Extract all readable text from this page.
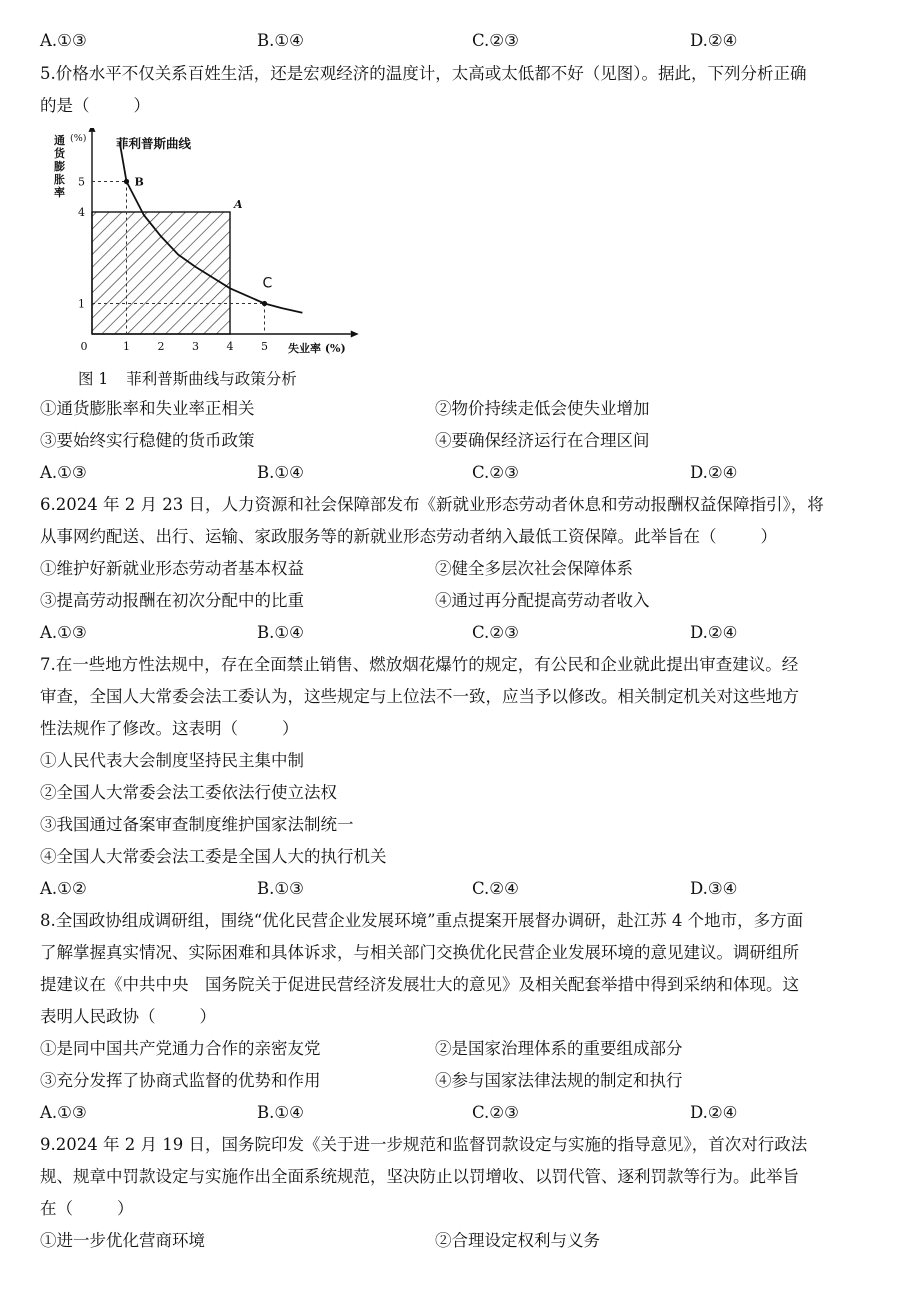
A.①③	B.①④	C.②③	D.②④
5.价格水平不仅关系百姓生活，还是宏观经济的温度计，太高或太低都不好（见图）。据此，下列分析正确
的是（	）
0	1	2	3	4	5
1
4
5	B
A
C
菲利普斯曲线
(%)
通货膨胀率
失业率 (%)
图 1 菲利普斯曲线与政策分析
①通货膨胀率和失业率正相关	②物价持续走低会使失业增加
③要始终实行稳健的货币政策	④要确保经济运行在合理区间
A.①③	B.①④	C.②③	D.②④
6.2024 年 2 月 23 日，人力资源和社会保障部发布《新就业形态劳动者休息和劳动报酬权益保障指引》，将
从事网约配送、出行、运输、家政服务等的新就业形态劳动者纳入最低工资保障。此举旨在（	）
①维护好新就业形态劳动者基本权益	②健全多层次社会保障体系
③提高劳动报酬在初次分配中的比重	④通过再分配提高劳动者收入
A.①③	B.①④	C.②③	D.②④
7.在一些地方性法规中，存在全面禁止销售、燃放烟花爆竹的规定，有公民和企业就此提出审查建议。经
审查，全国人大常委会法工委认为，这些规定与上位法不一致，应当予以修改。相关制定机关对这些地方
性法规作了修改。这表明（	）
①人民代表大会制度坚持民主集中制
②全国人大常委会法工委依法行使立法权
③我国通过备案审查制度维护国家法制统一
④全国人大常委会法工委是全国人大的执行机关
A.①②	B.①③	C.②④	D.③④
8.全国政协组成调研组，围绕“优化民营企业发展环境”重点提案开展督办调研，赴江苏 4 个地市，多方面
了解掌握真实情况、实际困难和具体诉求，与相关部门交换优化民营企业发展环境的意见建议。调研组所
提建议在《中共中央　国务院关于促进民营经济发展壮大的意见》及相关配套举措中得到采纳和体现。这
表明人民政协（	）
①是同中国共产党通力合作的亲密友党	②是国家治理体系的重要组成部分
③充分发挥了协商式监督的优势和作用	④参与国家法律法规的制定和执行
A.①③	B.①④	C.②③	D.②④
9.2024 年 2 月 19 日，国务院印发《关于进一步规范和监督罚款设定与实施的指导意见》，首次对行政法
规、规章中罚款设定与实施作出全面系统规范，坚决防止以罚增收、以罚代管、逐利罚款等行为。此举旨
在（	）
①进一步优化营商环境	②合理设定权利与义务
